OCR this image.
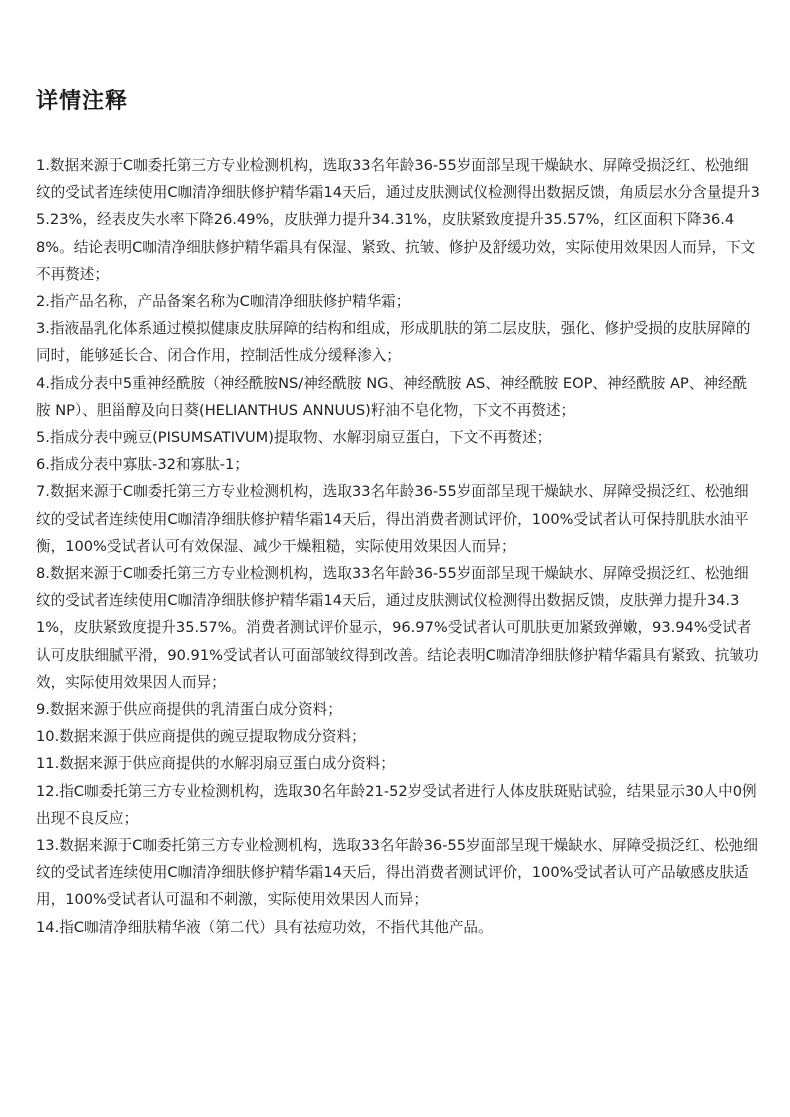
详情注释
1.数据来源于C咖委托第三方专业检测机构，选取33名年龄36-55岁面部呈现干燥缺水、屏障受损泛红、松弛细纹的受试者连续使用C咖清净细肤修护精华霜14天后，通过皮肤测试仪检测得出数据反馈，角质层水分含量提升35.23%，经表皮失水率下降26.49%，皮肤弹力提升34.31%，皮肤紧致度提升35.57%，红区面积下降36.48%。结论表明C咖清净细肤修护精华霜具有保湿、紧致、抗皱、修护及舒缓功效，实际使用效果因人而异，下文不再赘述；
2.指产品名称，产品备案名称为C咖清净细肤修护精华霜；
3.指液晶乳化体系通过模拟健康皮肤屏障的结构和组成，形成肌肤的第二层皮肤，强化、修护受损的皮肤屏障的同时，能够延长合、闭合作用，控制活性成分缓释渗入；
4.指成分表中5重神经酰胺（神经酰胺NS/神经酰胺 NG、神经酰胺 AS、神经酰胺 EOP、神经酰胺 AP、神经酰胺 NP）、胆甾醇及向日葵(HELIANTHUS ANNUUS)籽油不皂化物，下文不再赘述；
5.指成分表中豌豆(PISUMSATIVUM)提取物、水解羽扇豆蛋白，下文不再赘述；
6.指成分表中寡肽-32和寡肽-1；
7.数据来源于C咖委托第三方专业检测机构，选取33名年龄36-55岁面部呈现干燥缺水、屏障受损泛红、松弛细纹的受试者连续使用C咖清净细肤修护精华霜14天后，得出消费者测试评价，100%受试者认可保持肌肤水油平衡，100%受试者认可有效保湿、减少干燥粗糙，实际使用效果因人而异；
8.数据来源于C咖委托第三方专业检测机构，选取33名年龄36-55岁面部呈现干燥缺水、屏障受损泛红、松弛细纹的受试者连续使用C咖清净细肤修护精华霜14天后，通过皮肤测试仪检测得出数据反馈，皮肤弹力提升34.31%，皮肤紧致度提升35.57%。消费者测试评价显示，96.97%受试者认可肌肤更加紧致弹嫩，93.94%受试者认可皮肤细腻平滑，90.91%受试者认可面部皱纹得到改善。结论表明C咖清净细肤修护精华霜具有紧致、抗皱功效，实际使用效果因人而异；
9.数据来源于供应商提供的乳清蛋白成分资料；
10.数据来源于供应商提供的豌豆提取物成分资料；
11.数据来源于供应商提供的水解羽扇豆蛋白成分资料；
12.指C咖委托第三方专业检测机构，选取30名年龄21-52岁受试者进行人体皮肤斑贴试验，结果显示30人中0例出现不良反应；
13.数据来源于C咖委托第三方专业检测机构，选取33名年龄36-55岁面部呈现干燥缺水、屏障受损泛红、松弛细纹的受试者连续使用C咖清净细肤修护精华霜14天后，得出消费者测试评价，100%受试者认可产品敏感皮肤适用，100%受试者认可温和不刺激，实际使用效果因人而异；
14.指C咖清净细肤精华液（第二代）具有祛痘功效，不指代其他产品。
